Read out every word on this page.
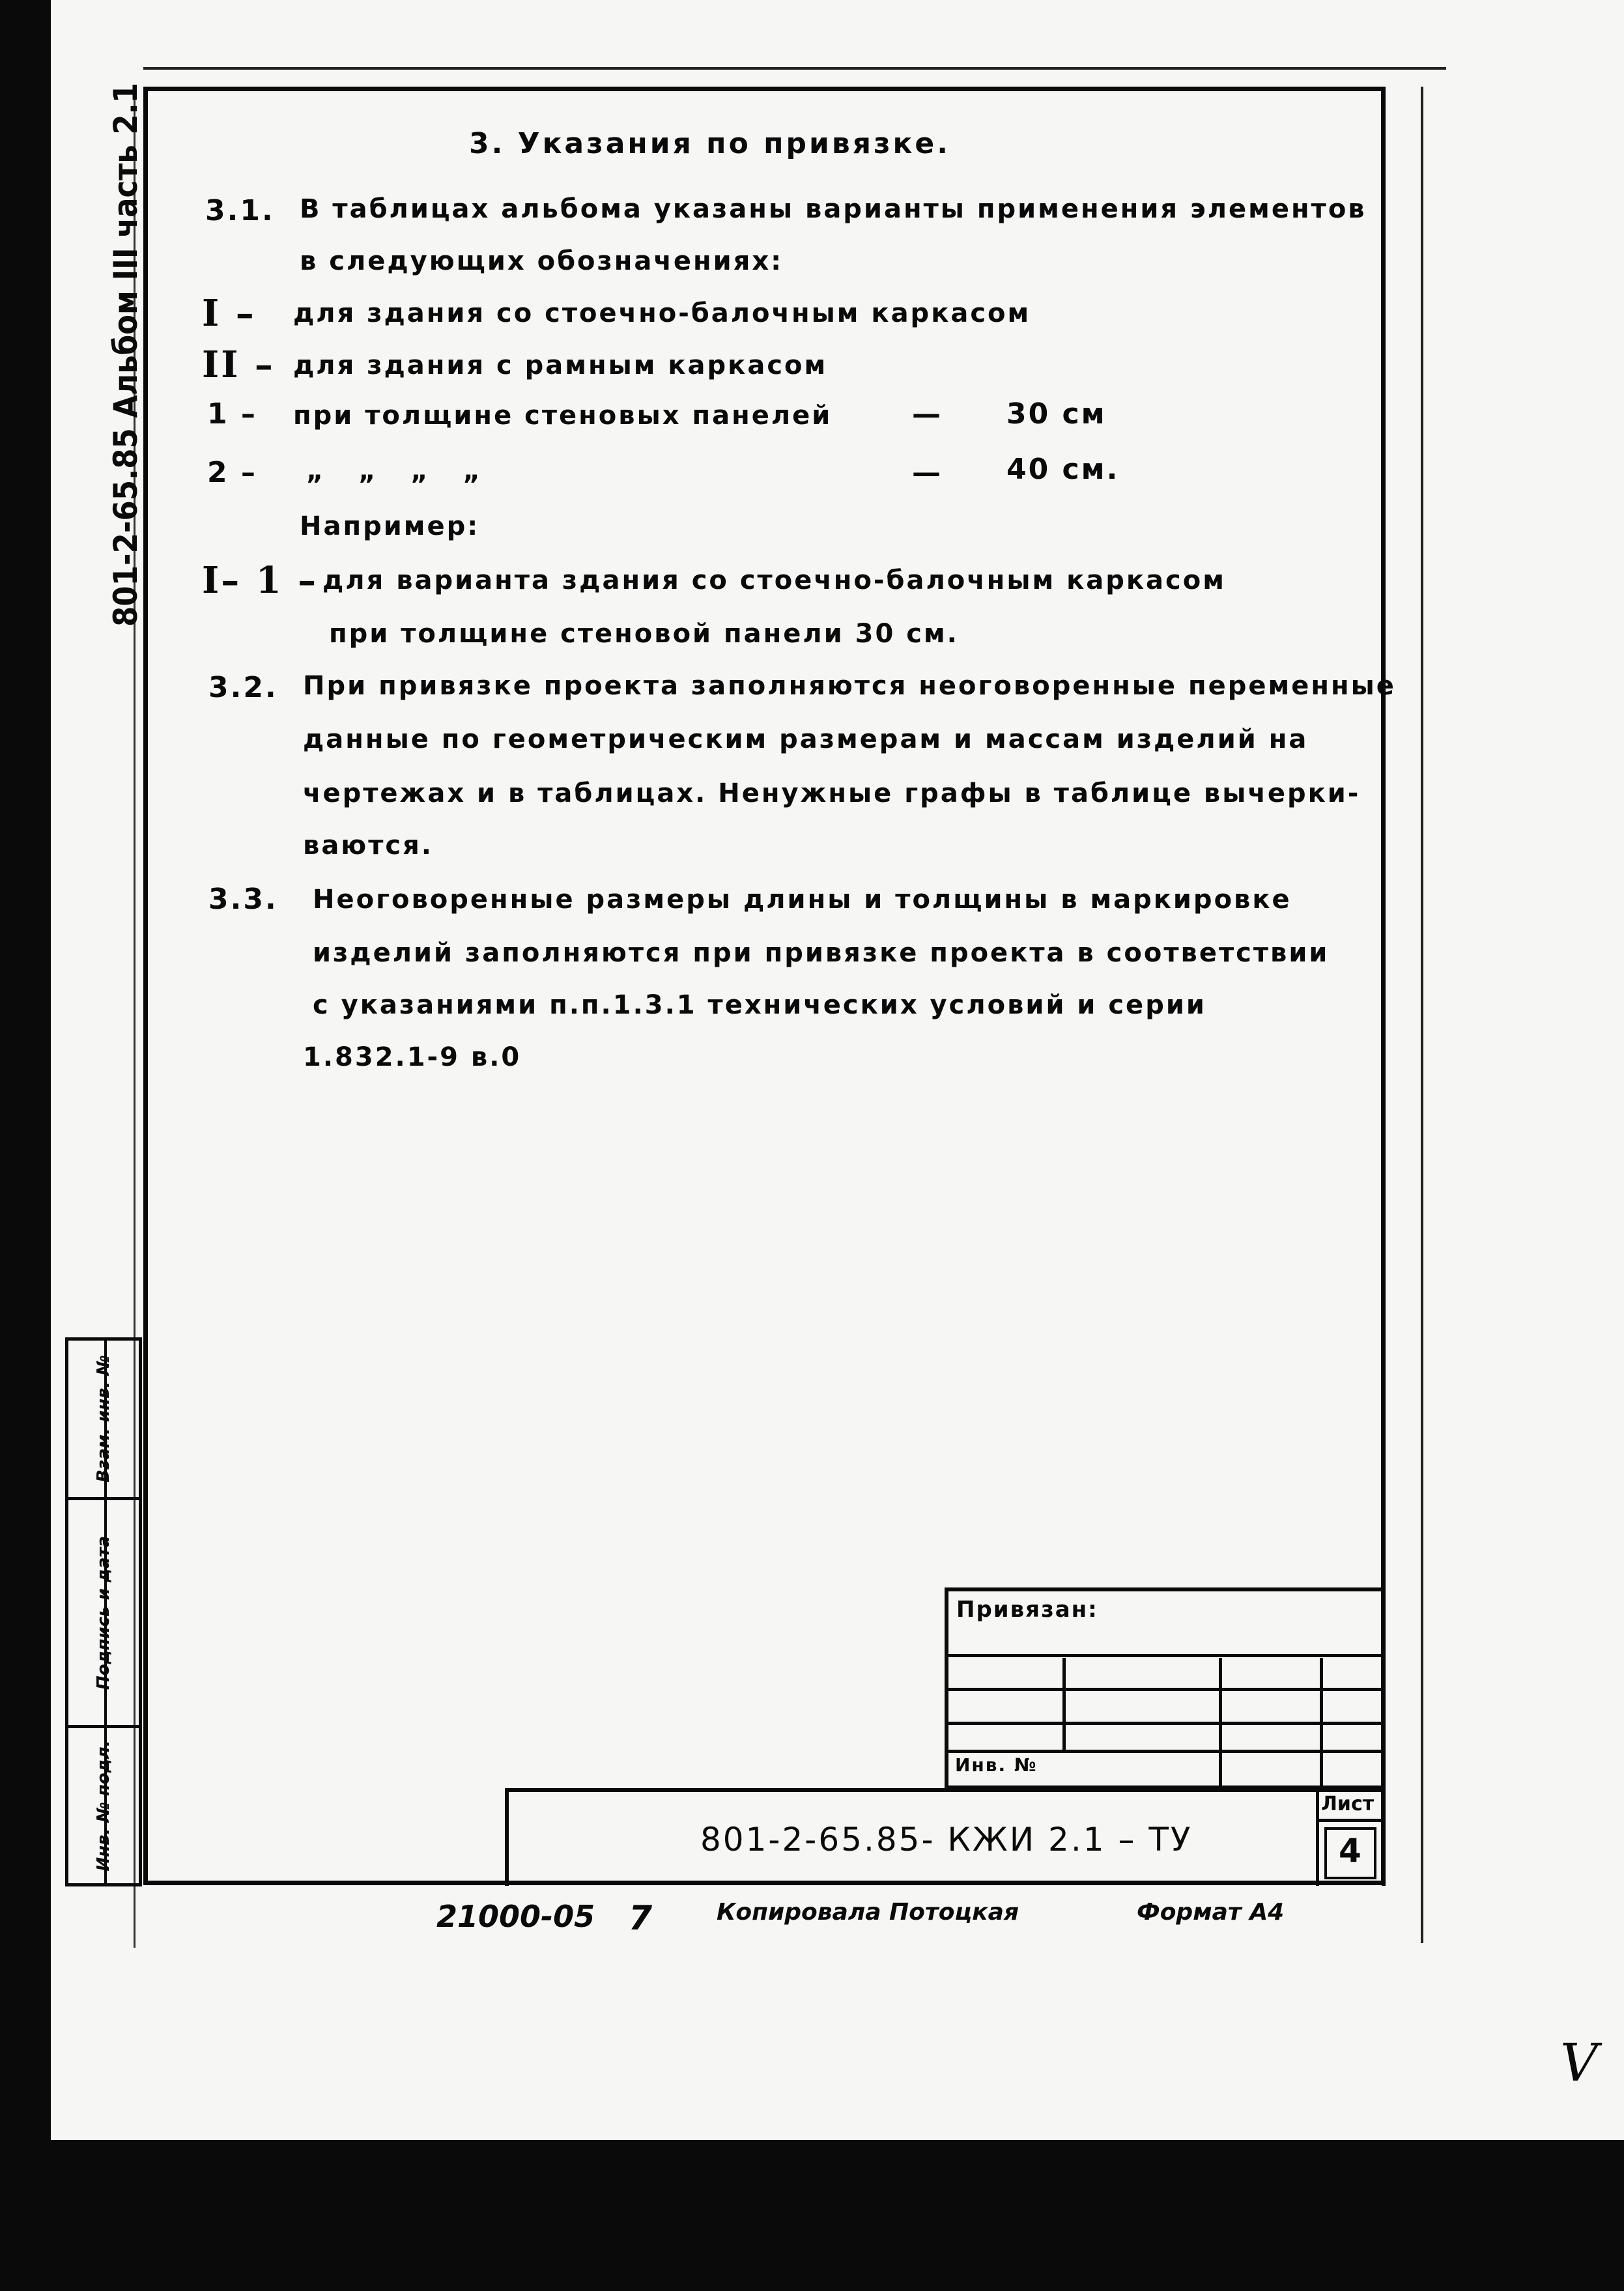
801-2-65.85 Альбом III часть 2.1	3. Указания по привязке.
3.1. В таблицах альбома указаны варианты применения элементов
в следующих обозначениях:
I – для здания со стоечно-балочным каркасом
II – для здания с рамным каркасом
1 – при толщине стеновых панелей	— 30 см
2 – „ „ „ „	— 40 см.
Например:
I– 1 – для варианта здания со стоечно-балочным каркасом
при толщине стеновой панели 30 см.
3.2. При привязке проекта заполняются неоговоренные переменные
данные по геометрическим размерам и массам изделий на
чертежах и в таблицах. Ненужные графы в таблице вычерки-
ваются.
3.3. Неоговоренные размеры длины и толщины в маркировке
изделий заполняются при привязке проекта в соответствии
с указаниями п.п.1.3.1 технических условий и серии
1.832.1-9 в.0
Взам. инв. №
Подпись и дата
Инв. № подл.
Привязан:
Инв. №
801-2-65.85- КЖИ 2.1 – ТУ
Лист
4
21000-05 7	Копировала Потоцкая	Формат А4
V
